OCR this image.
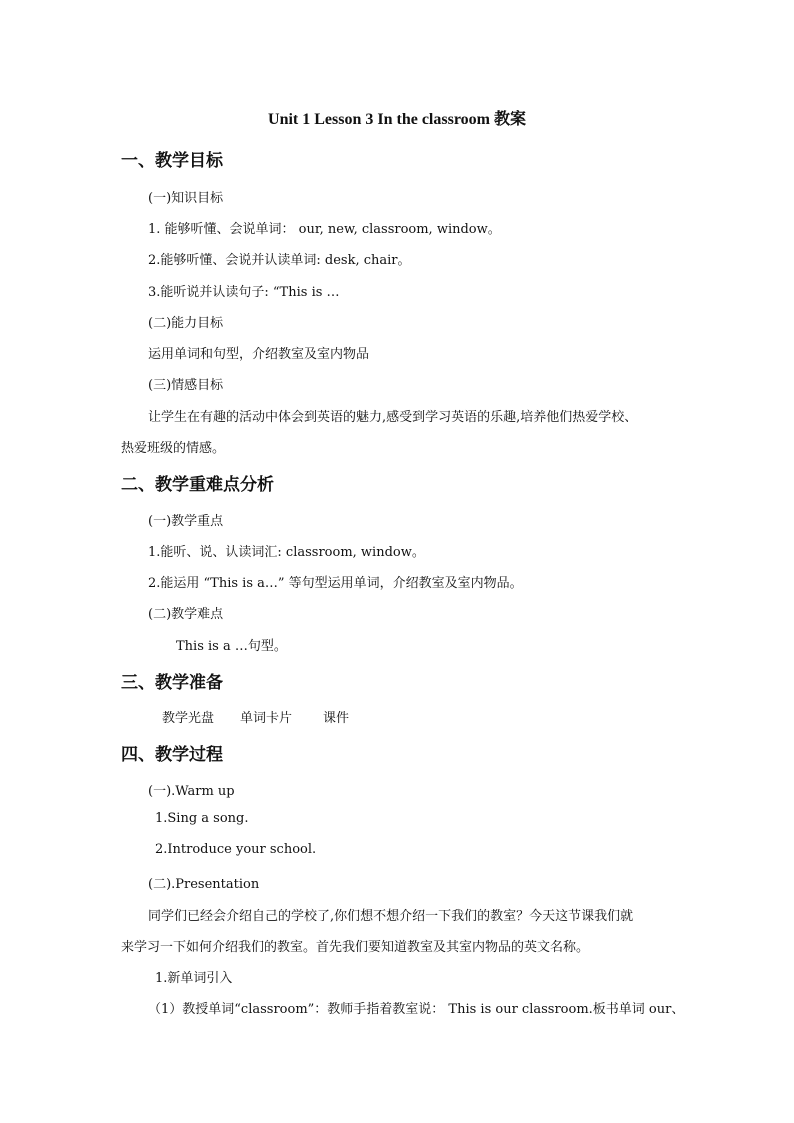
Unit 1 Lesson 3 In the classroom 教案
一、教学目标
(一)知识目标
1. 能够听懂、会说单词： our, new, classroom, window。
2.能够听懂、会说并认读单词: desk, chair。
3.能听说并认读句子: “This is …
(二)能力目标
运用单词和句型，介绍教室及室内物品
(三)情感目标
让学生在有趣的活动中体会到英语的魅力,感受到学习英语的乐趣,培养他们热爱学校、
热爱班级的情感。
二、教学重难点分析
(一)教学重点
1.能听、说、认读词汇: classroom, window。
2.能运用 “This is a…” 等句型运用单词，介绍教室及室内物品。
(二)教学难点
This is a …句型。
三、教学准备
教学光盘 单词卡片 课件
四、教学过程
(一).Warm up
1.Sing a song.
2.Introduce your school.
(二).Presentation
同学们已经会介绍自己的学校了,你们想不想介绍一下我们的教室？今天这节课我们就
来学习一下如何介绍我们的教室。首先我们要知道教室及其室内物品的英文名称。
1.新单词引入
（1）教授单词“classroom”：教师手指着教室说： This is our classroom.板书单词 our、
